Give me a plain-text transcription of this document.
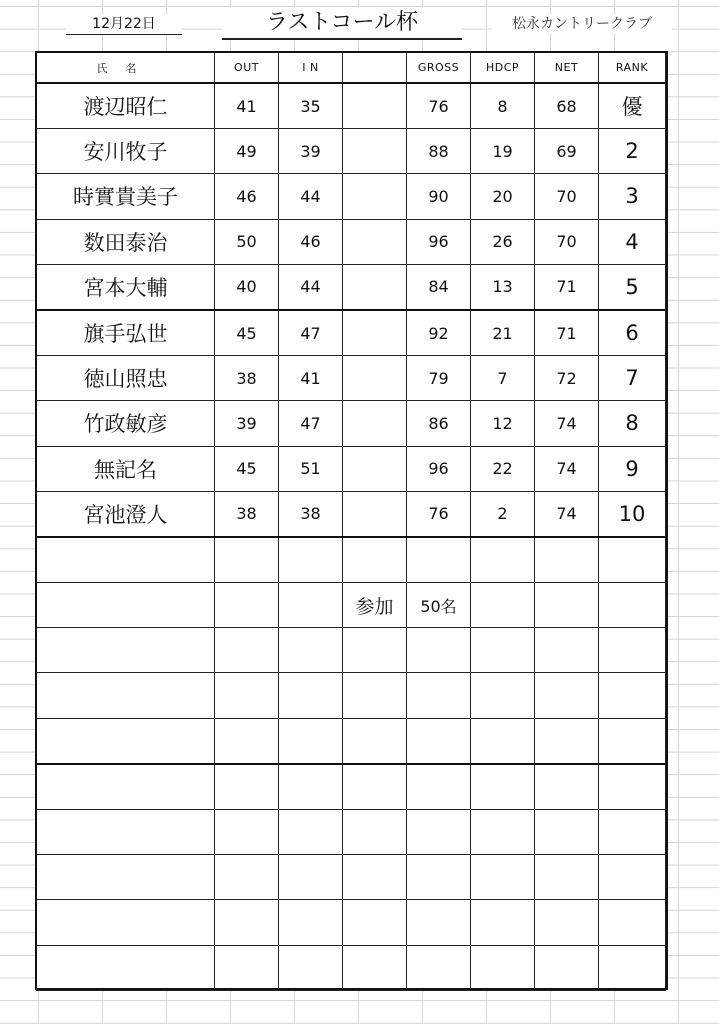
12月22日	ラストコール杯	松永カントリークラブ
氏名	OUT	I N		GROSS	HDCP	NET	RANK
渡辺昭仁	41	35		76	8	68	優
安川牧子	49	39		88	19	69	2
時實貴美子	46	44		90	20	70	3
数田泰治	50	46		96	26	70	4
宮本大輔	40	44		84	13	71	5
旗手弘世	45	47		92	21	71	6
徳山照忠	38	41		79	7	72	7
竹政敏彦	39	47		86	12	74	8
無記名	45	51		96	22	74	9
宮池澄人	38	38		76	2	74	10

			参加	50名			
